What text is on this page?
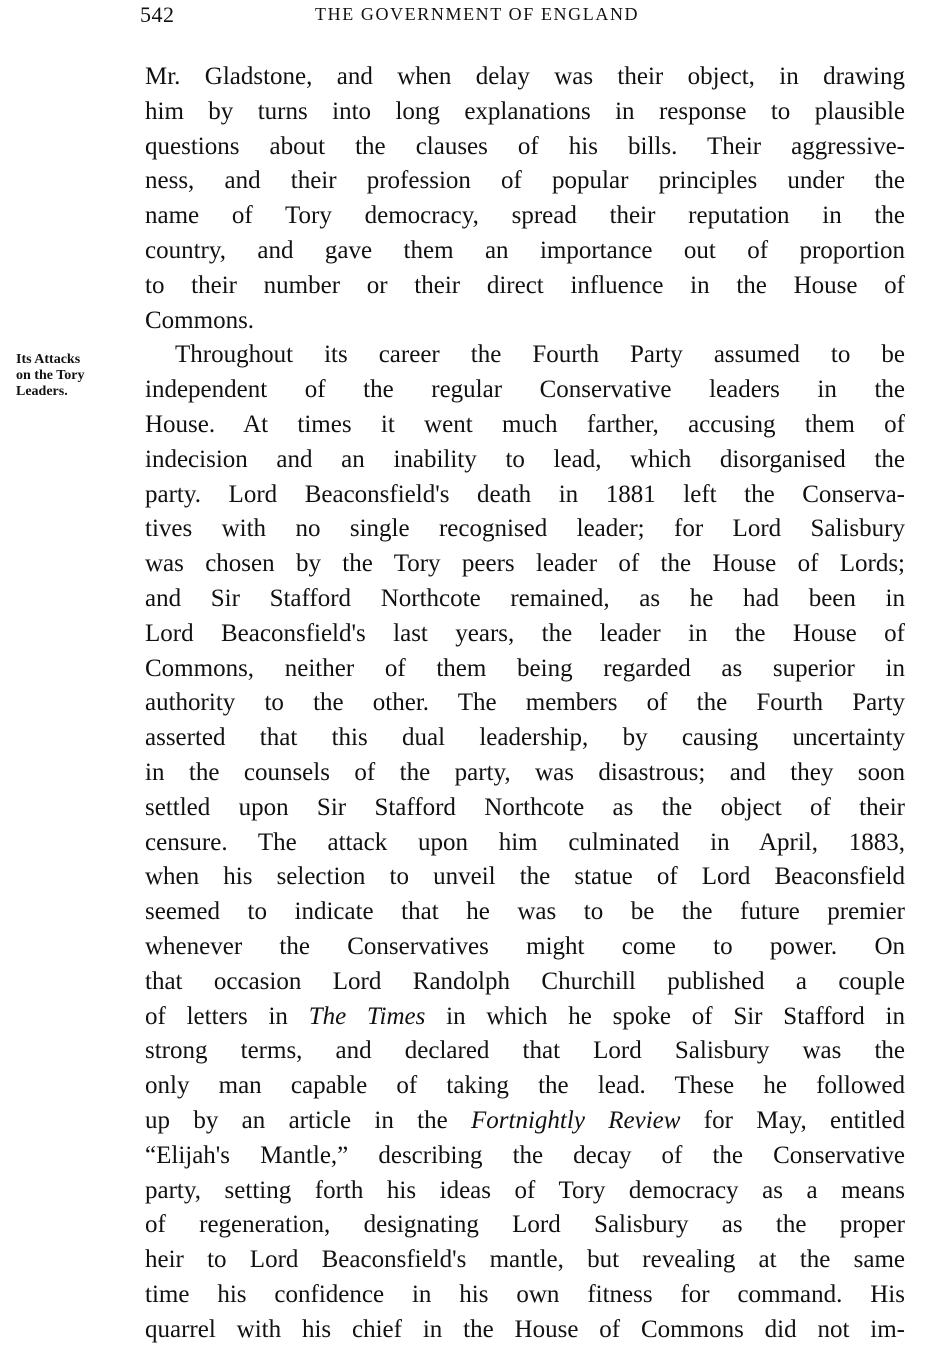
542	THE GOVERNMENT OF ENGLAND
Its Attacks
on the Tory
Leaders.
Mr. Gladstone, and when delay was their object, in drawing
him by turns into long explanations in response to plausible
questions about the clauses of his bills. Their aggressive-
ness, and their profession of popular principles under the
name of Tory democracy, spread their reputation in the
country, and gave them an importance out of proportion
to their number or their direct influence in the House of
Commons.
Throughout its career the Fourth Party assumed to be
independent of the regular Conservative leaders in the
House. At times it went much farther, accusing them of
indecision and an inability to lead, which disorganised the
party. Lord Beaconsfield's death in 1881 left the Conserva-
tives with no single recognised leader; for Lord Salisbury
was chosen by the Tory peers leader of the House of Lords;
and Sir Stafford Northcote remained, as he had been in
Lord Beaconsfield's last years, the leader in the House of
Commons, neither of them being regarded as superior in
authority to the other. The members of the Fourth Party
asserted that this dual leadership, by causing uncertainty
in the counsels of the party, was disastrous; and they soon
settled upon Sir Stafford Northcote as the object of their
censure. The attack upon him culminated in April, 1883,
when his selection to unveil the statue of Lord Beaconsfield
seemed to indicate that he was to be the future premier
whenever the Conservatives might come to power. On
that occasion Lord Randolph Churchill published a couple
of letters in The Times in which he spoke of Sir Stafford in
strong terms, and declared that Lord Salisbury was the
only man capable of taking the lead. These he followed
up by an article in the Fortnightly Review for May, entitled
“Elijah's Mantle,” describing the decay of the Conservative
party, setting forth his ideas of Tory democracy as a means
of regeneration, designating Lord Salisbury as the proper
heir to Lord Beaconsfield's mantle, but revealing at the same
time his confidence in his own fitness for command. His
quarrel with his chief in the House of Commons did not im-
